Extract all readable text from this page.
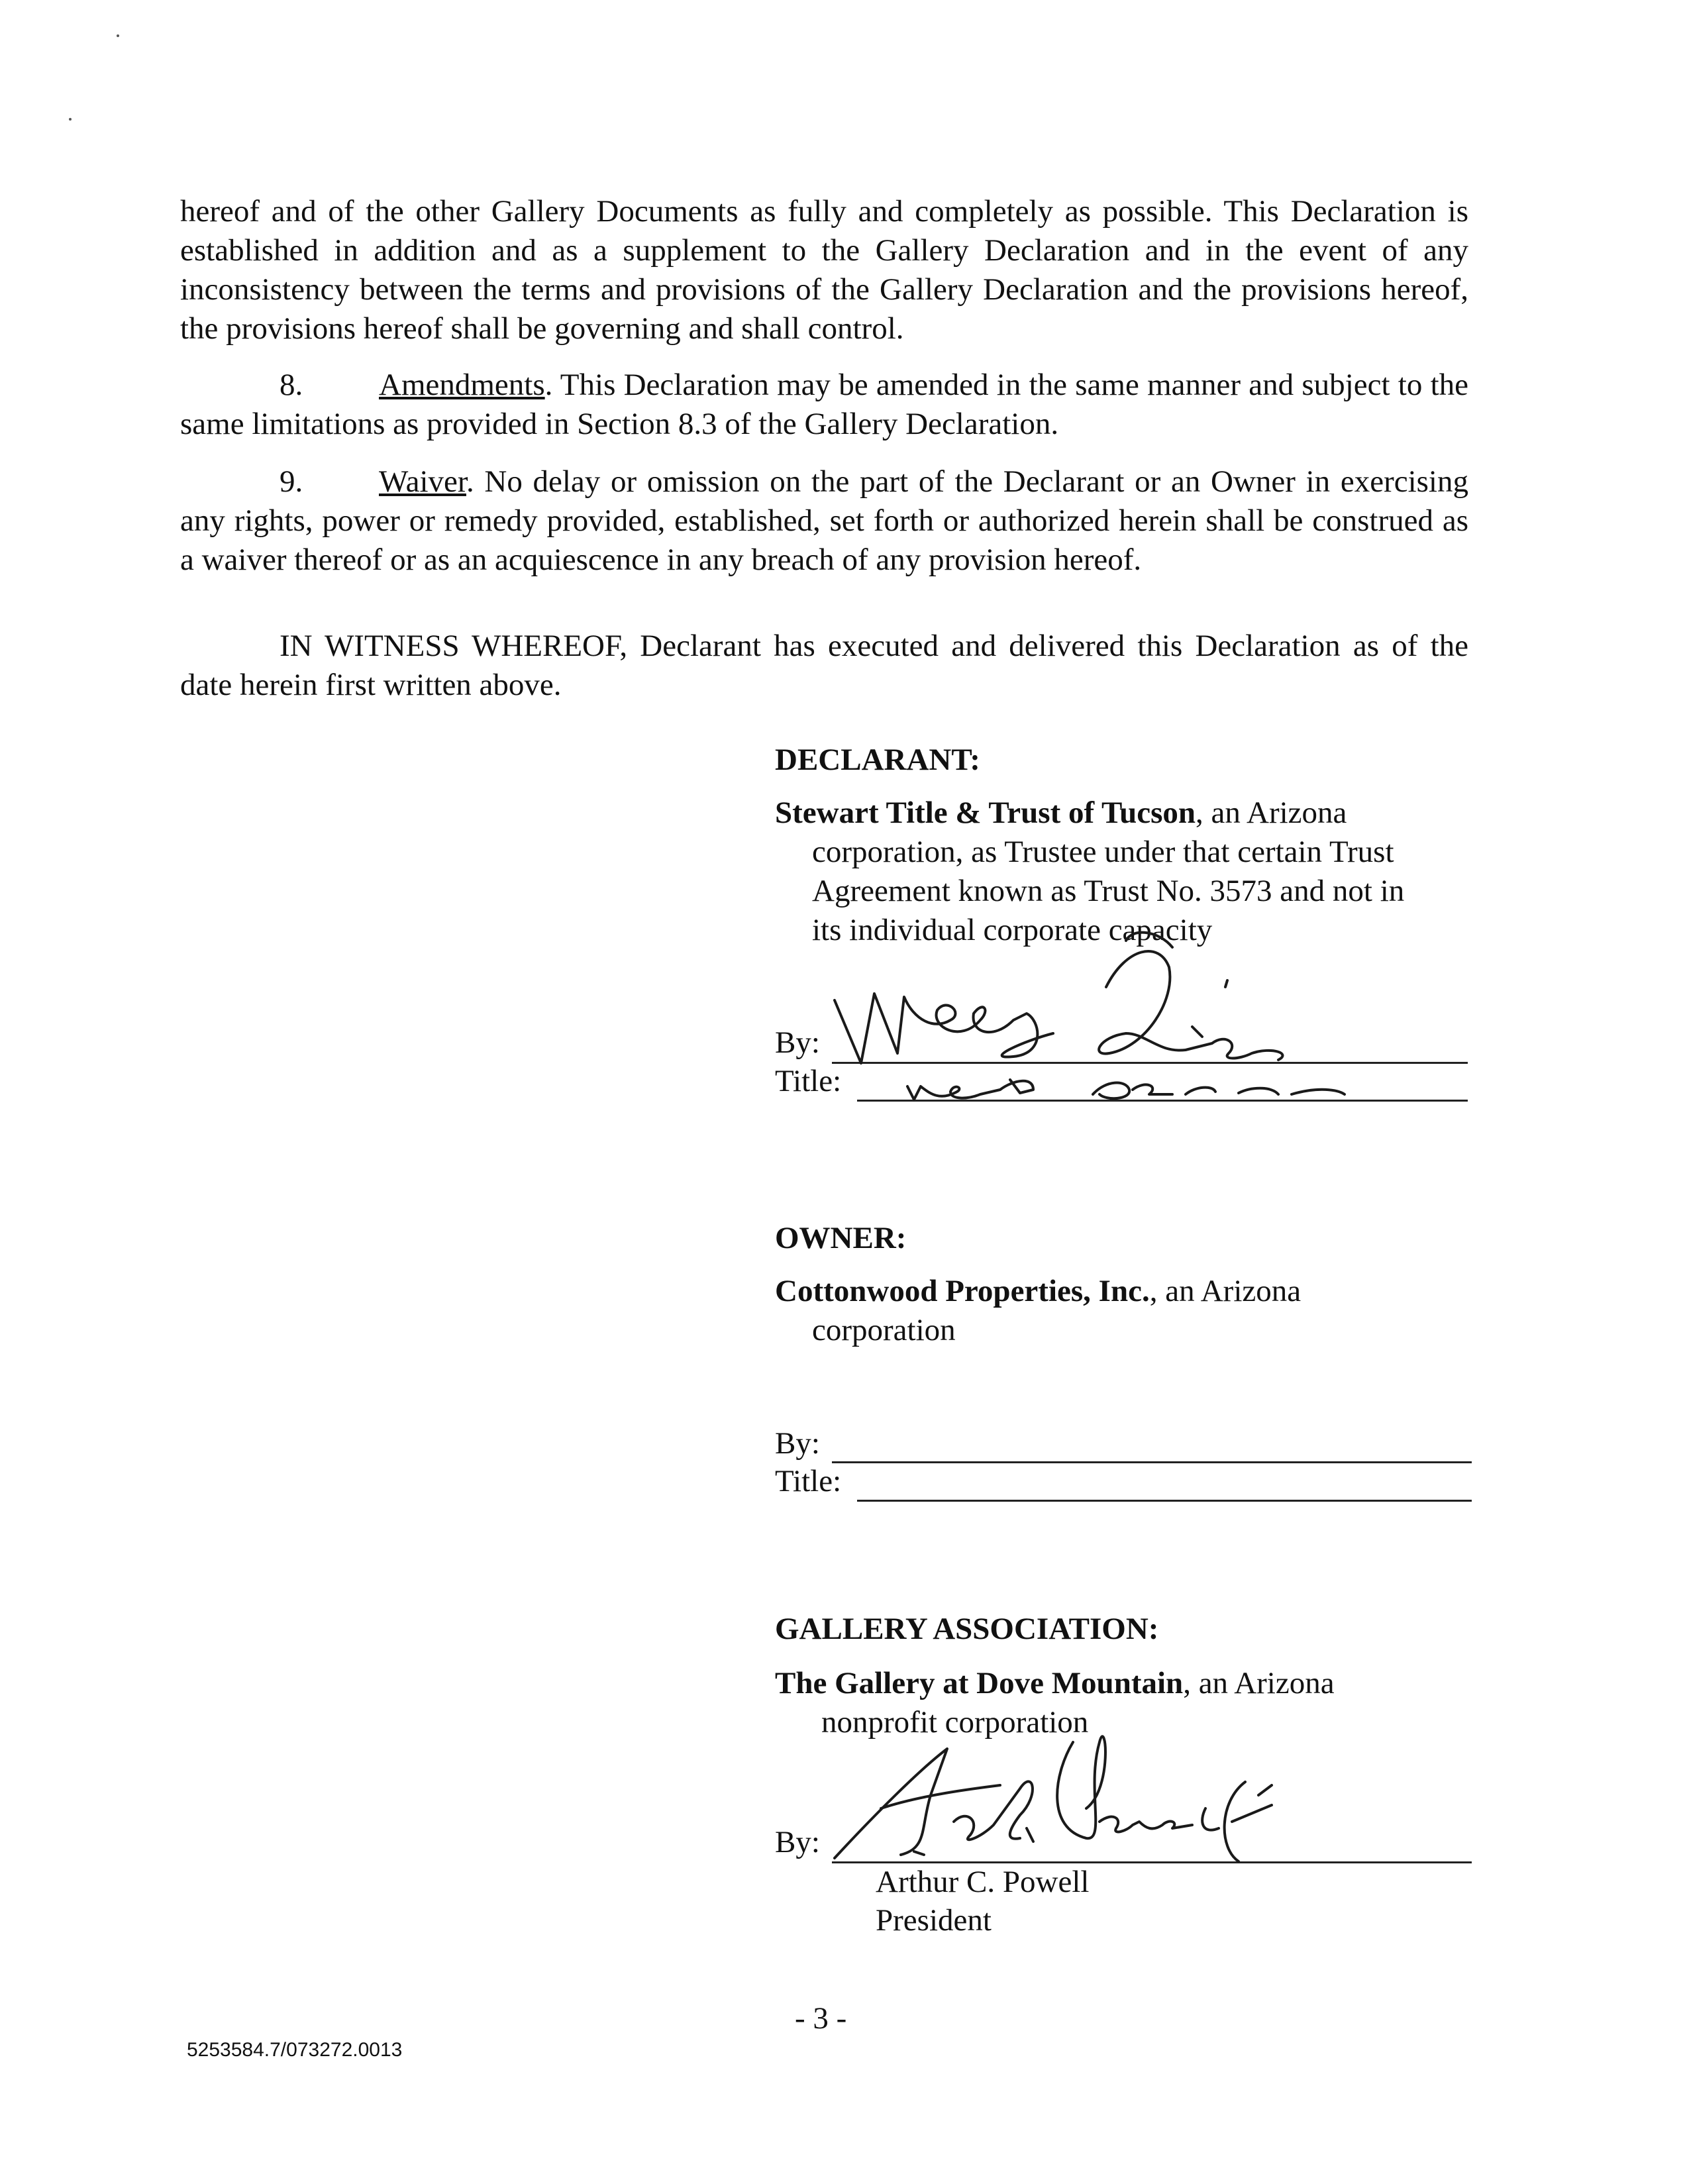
hereof and of the other Gallery Documents as fully and completely as possible. This Declaration is established in addition and as a supplement to the Gallery Declaration and in the event of any inconsistency between the terms and provisions of the Gallery Declaration and the provisions hereof, the provisions hereof shall be governing and shall control.

8. Amendments. This Declaration may be amended in the same manner and subject to the same limitations as provided in Section 8.3 of the Gallery Declaration.

9. Waiver. No delay or omission on the part of the Declarant or an Owner in exercising any rights, power or remedy provided, established, set forth or authorized herein shall be construed as a waiver thereof or as an acquiescence in any breach of any provision hereof.

IN WITNESS WHEREOF, Declarant has executed and delivered this Declaration as of the date herein first written above.

DECLARANT:
Stewart Title & Trust of Tucson, an Arizona
corporation, as Trustee under that certain Trust
Agreement known as Trust No. 3573 and not in
its individual corporate capacity
By:
Title:
OWNER:
Cottonwood Properties, Inc., an Arizona
corporation
By:
Title:
GALLERY ASSOCIATION:
The Gallery at Dove Mountain, an Arizona
nonprofit corporation
By:
Arthur C. Powell
President
- 3 -
5253584.7/073272.0013
